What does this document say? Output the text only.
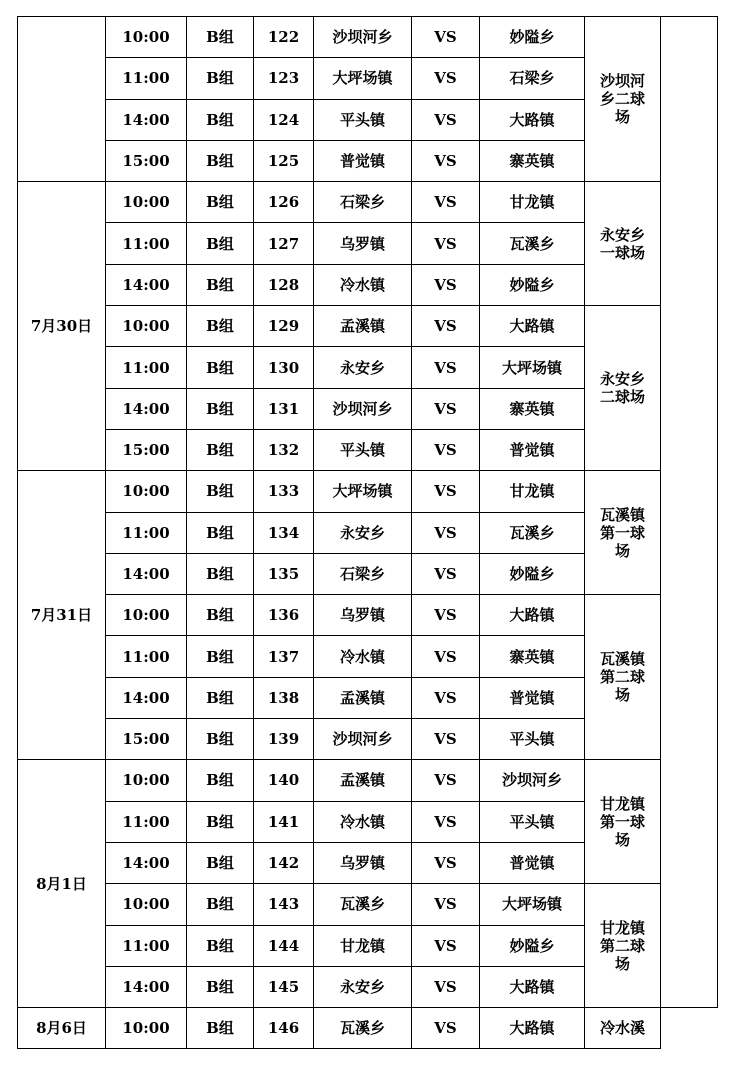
	10:00	B组	122	沙坝河乡	VS	妙隘乡	沙坝河乡二球场	
	11:00	B组	123	大坪场镇	VS	石梁乡		
	14:00	B组	124	平头镇	VS	大路镇		
	15:00	B组	125	普觉镇	VS	寨英镇		
7月30日	10:00	B组	126	石梁乡	VS	甘龙镇	永安乡一球场	
	11:00	B组	127	乌罗镇	VS	瓦溪乡		
	14:00	B组	128	冷水镇	VS	妙隘乡		
	10:00	B组	129	孟溪镇	VS	大路镇	永安乡二球场	
	11:00	B组	130	永安乡	VS	大坪场镇		
	14:00	B组	131	沙坝河乡	VS	寨英镇		
	15:00	B组	132	平头镇	VS	普觉镇		
7月31日	10:00	B组	133	大坪场镇	VS	甘龙镇	瓦溪镇第一球场	
	11:00	B组	134	永安乡	VS	瓦溪乡		
	14:00	B组	135	石梁乡	VS	妙隘乡		
	10:00	B组	136	乌罗镇	VS	大路镇	瓦溪镇第二球场	
	11:00	B组	137	冷水镇	VS	寨英镇		
	14:00	B组	138	孟溪镇	VS	普觉镇		
	15:00	B组	139	沙坝河乡	VS	平头镇		
8月1日	10:00	B组	140	孟溪镇	VS	沙坝河乡	甘龙镇第一球场	
	11:00	B组	141	冷水镇	VS	平头镇		
	14:00	B组	142	乌罗镇	VS	普觉镇		
	10:00	B组	143	瓦溪乡	VS	大坪场镇	甘龙镇第二球场	
	11:00	B组	144	甘龙镇	VS	妙隘乡		
	14:00	B组	145	永安乡	VS	大路镇		
8月6日	10:00	B组	146	瓦溪乡	VS	大路镇	冷水溪	
